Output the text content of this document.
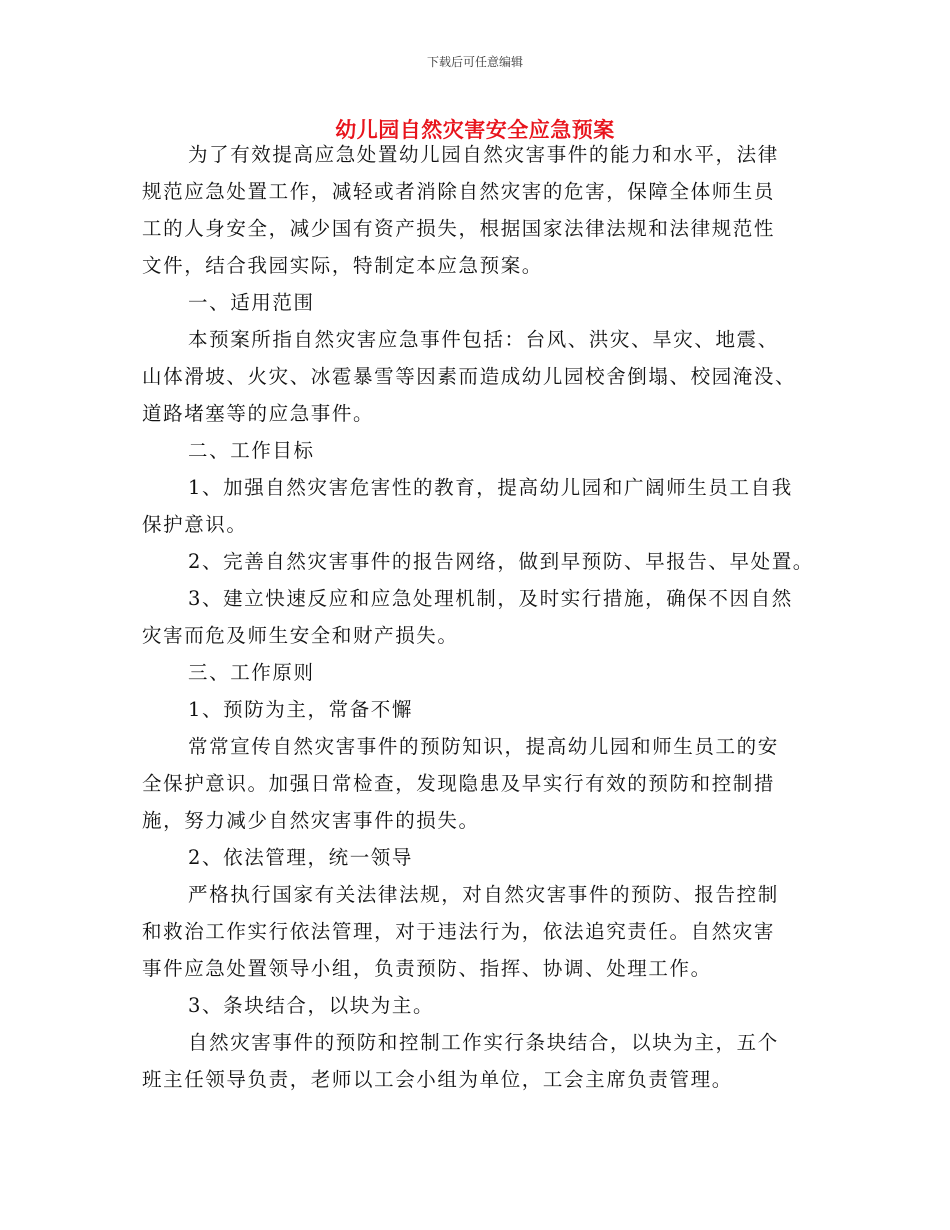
下载后可任意编辑
幼儿园自然灾害安全应急预案

为了有效提高应急处置幼儿园自然灾害事件的能力和水平，法律
规范应急处置工作，减轻或者消除自然灾害的危害，保障全体师生员
工的人身安全，减少国有资产损失，根据国家法律法规和法律规范性
文件，结合我园实际，特制定本应急预案。

一、适用范围

本预案所指自然灾害应急事件包括：台风、洪灾、旱灾、地震、
山体滑坡、火灾、冰雹暴雪等因素而造成幼儿园校舍倒塌、校园淹没、
道路堵塞等的应急事件。

二、工作目标

1、加强自然灾害危害性的教育，提高幼儿园和广阔师生员工自我
保护意识。

2、完善自然灾害事件的报告网络，做到早预防、早报告、早处置。

3、建立快速反应和应急处理机制，及时实行措施，确保不因自然
灾害而危及师生安全和财产损失。

三、工作原则

1、预防为主，常备不懈

常常宣传自然灾害事件的预防知识，提高幼儿园和师生员工的安
全保护意识。加强日常检查，发现隐患及早实行有效的预防和控制措
施，努力减少自然灾害事件的损失。

2、依法管理，统一领导

严格执行国家有关法律法规，对自然灾害事件的预防、报告控制
和救治工作实行依法管理，对于违法行为，依法追究责任。自然灾害
事件应急处置领导小组，负责预防、指挥、协调、处理工作。

3、条块结合，以块为主。

自然灾害事件的预防和控制工作实行条块结合，以块为主，五个
班主任领导负责，老师以工会小组为单位，工会主席负责管理。
